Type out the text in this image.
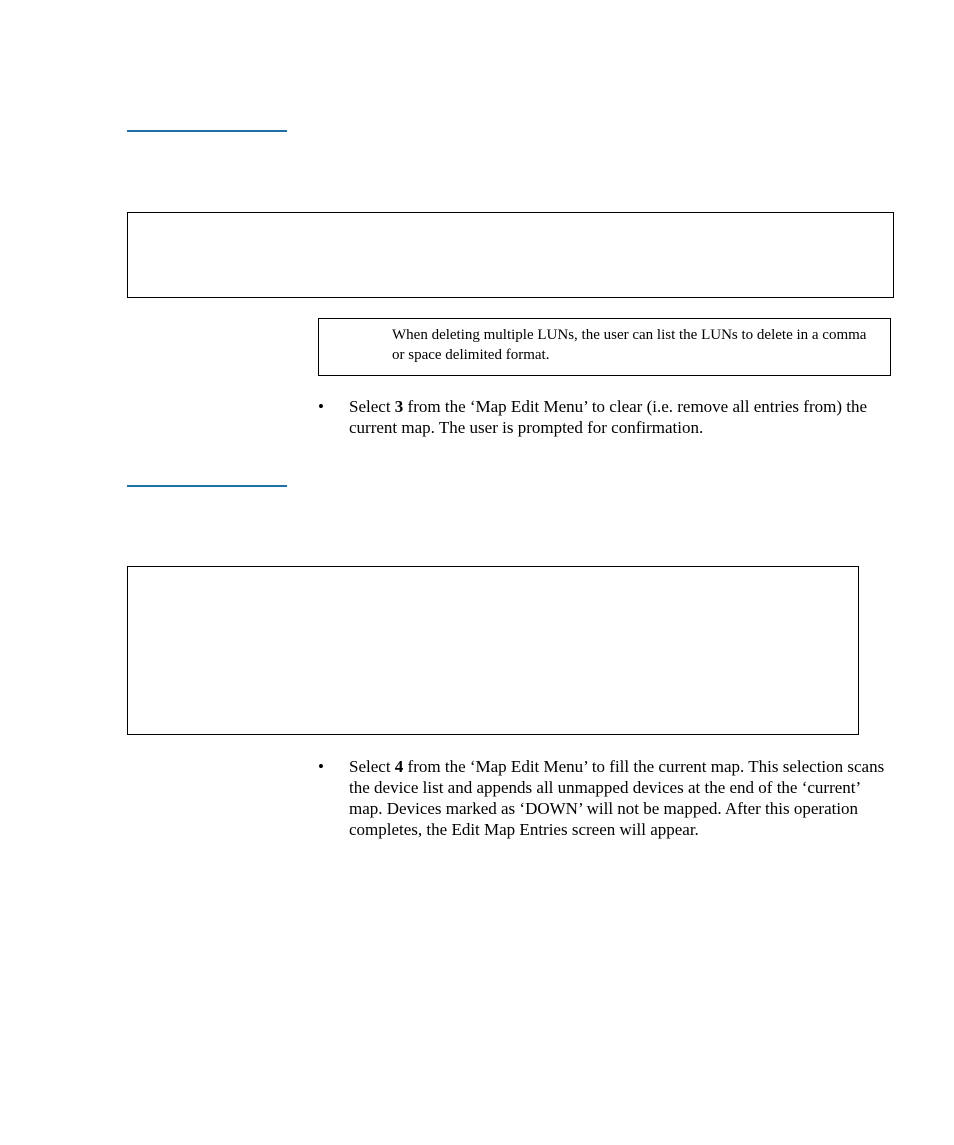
When deleting multiple LUNs, the user can list the LUNs to delete in a comma or space delimited format.
• Select 3 from the ‘Map Edit Menu’ to clear (i.e. remove all entries from) the current map. The user is prompted for confirmation.
• Select 4 from the ‘Map Edit Menu’ to fill the current map. This selection scans the device list and appends all unmapped devices at the end of the ‘current’ map. Devices marked as ‘DOWN’ will not be mapped. After this operation completes, the Edit Map Entries screen will appear.
